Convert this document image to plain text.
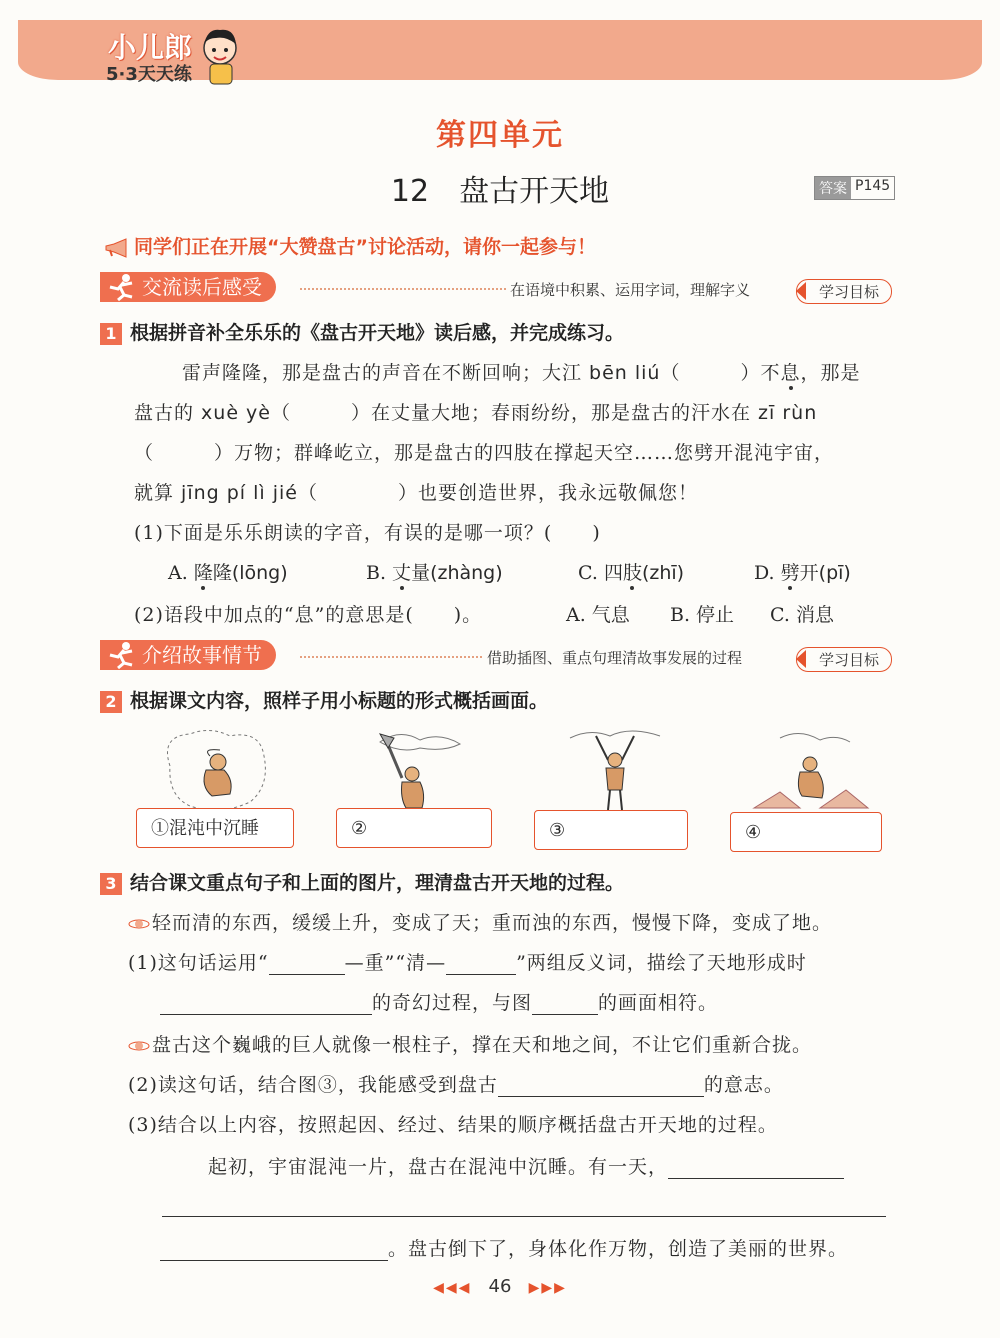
小儿郎
5·3天天练
第四单元
12 盘古开天地	答案 P145
同学们正在开展“大赞盘古”讨论活动，请你一起参与！
交流读后感受	在语境中积累、运用字词，理解字义	学习目标
1 根据拼音补全乐乐的《盘古开天地》读后感，并完成练习。
雷声隆隆，那是盘古的声音在不断回响；大江 bēn liú（　　　）不息，那是
盘古的 xuè yè（　　　）在丈量大地；春雨纷纷，那是盘古的汗水在 zī rùn
（　　　）万物；群峰屹立，那是盘古的四肢在撑起天空……您劈开混沌宇宙，
就算 jīng pí lì jié（　　　　）也要创造世界，我永远敬佩您！
(1)下面是乐乐朗读的字音，有误的是哪一项？(　　)
A. 隆隆(lōng)	B. 丈量(zhàng)	C. 四肢(zhī)	D. 劈开(pī)
(2)语段中加点的“息”的意思是(　　)。	A. 气息 B. 停止 C. 消息
介绍故事情节	借助插图、重点句理清故事发展的过程	学习目标
2 根据课文内容，照样子用小标题的形式概括画面。
①混沌中沉睡	②	③	④
3 结合课文重点句子和上面的图片，理清盘古开天地的过程。
轻而清的东西，缓缓上升，变成了天；重而浊的东西，慢慢下降，变成了地。
(1)这句话运用“	—重”“清—	”两组反义词，描绘了天地形成时
的奇幻过程，与图	的画面相符。
盘古这个巍峨的巨人就像一根柱子，撑在天和地之间，不让它们重新合拢。
(2)读这句话，结合图③，我能感受到盘古	的意志。
(3)结合以上内容，按照起因、经过、结果的顺序概括盘古开天地的过程。
起初，宇宙混沌一片，盘古在混沌中沉睡。有一天，
。盘古倒下了，身体化作万物，创造了美丽的世界。
◀◀◀ 46 ▶▶▶
